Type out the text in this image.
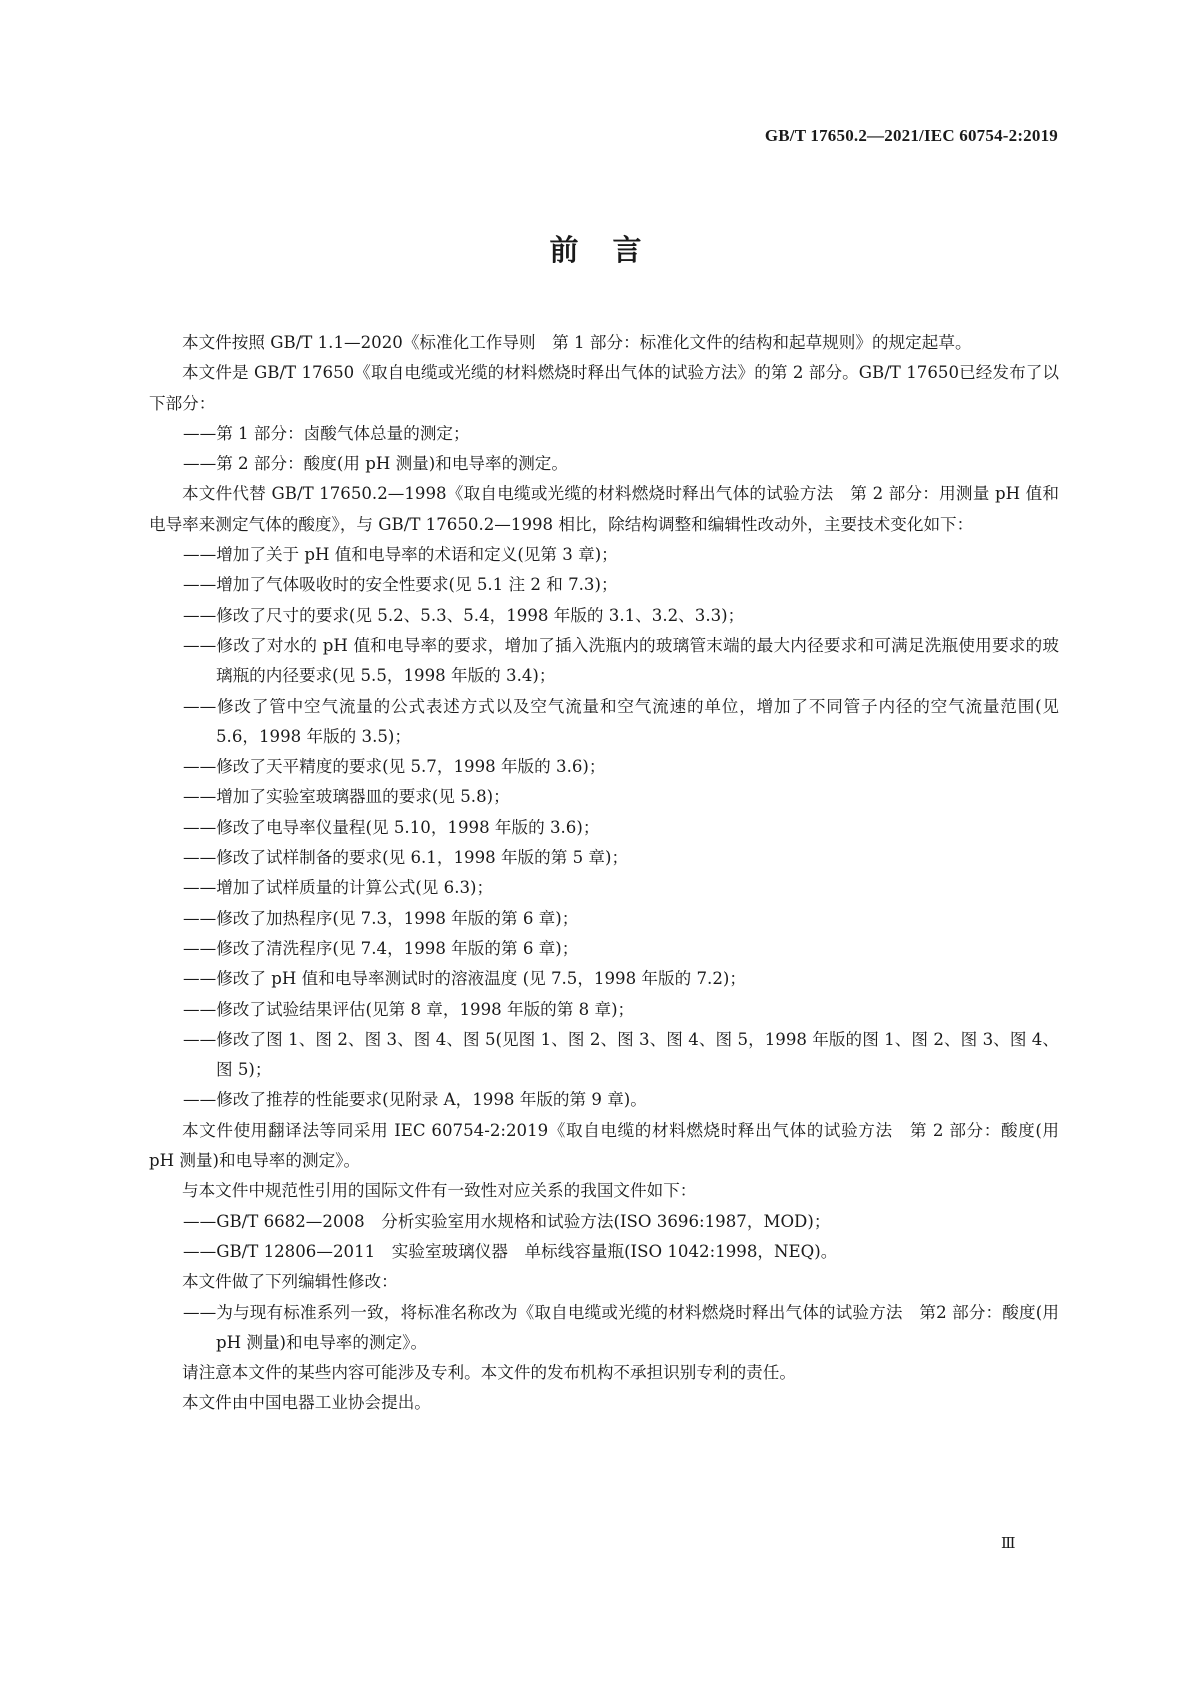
GB/T 17650.2—2021/IEC 60754-2:2019
前言

本文件按照 GB/T 1.1—2020《标准化工作导则　第 1 部分：标准化文件的结构和起草规则》的规定起草。

本文件是 GB/T 17650《取自电缆或光缆的材料燃烧时释出气体的试验方法》的第 2 部分。GB/T 17650已经发布了以下部分：

——第 1 部分：卤酸气体总量的测定；

——第 2 部分：酸度(用 pH 测量)和电导率的测定。

本文件代替 GB/T 17650.2—1998《取自电缆或光缆的材料燃烧时释出气体的试验方法　第 2 部分：用测量 pH 值和电导率来测定气体的酸度》，与 GB/T 17650.2—1998 相比，除结构调整和编辑性改动外，主要技术变化如下：

——增加了关于 pH 值和电导率的术语和定义(见第 3 章)；

——增加了气体吸收时的安全性要求(见 5.1 注 2 和 7.3)；

——修改了尺寸的要求(见 5.2、5.3、5.4，1998 年版的 3.1、3.2、3.3)；

——修改了对水的 pH 值和电导率的要求，增加了插入洗瓶内的玻璃管末端的最大内径要求和可满足洗瓶使用要求的玻璃瓶的内径要求(见 5.5，1998 年版的 3.4)；

——修改了管中空气流量的公式表述方式以及空气流量和空气流速的单位，增加了不同管子内径的空气流量范围(见 5.6，1998 年版的 3.5)；

——修改了天平精度的要求(见 5.7，1998 年版的 3.6)；

——增加了实验室玻璃器皿的要求(见 5.8)；

——修改了电导率仪量程(见 5.10，1998 年版的 3.6)；

——修改了试样制备的要求(见 6.1，1998 年版的第 5 章)；

——增加了试样质量的计算公式(见 6.3)；

——修改了加热程序(见 7.3，1998 年版的第 6 章)；

——修改了清洗程序(见 7.4，1998 年版的第 6 章)；

——修改了 pH 值和电导率测试时的溶液温度 (见 7.5，1998 年版的 7.2)；

——修改了试验结果评估(见第 8 章，1998 年版的第 8 章)；

——修改了图 1、图 2、图 3、图 4、图 5(见图 1、图 2、图 3、图 4、图 5，1998 年版的图 1、图 2、图 3、图 4、图 5)；

——修改了推荐的性能要求(见附录 A，1998 年版的第 9 章)。

本文件使用翻译法等同采用 IEC 60754-2:2019《取自电缆的材料燃烧时释出气体的试验方法　第 2 部分：酸度(用 pH 测量)和电导率的测定》。

与本文件中规范性引用的国际文件有一致性对应关系的我国文件如下：

——GB/T 6682—2008　分析实验室用水规格和试验方法(ISO 3696:1987，MOD)；

——GB/T 12806—2011　实验室玻璃仪器　单标线容量瓶(ISO 1042:1998，NEQ)。

本文件做了下列编辑性修改：

——为与现有标准系列一致，将标准名称改为《取自电缆或光缆的材料燃烧时释出气体的试验方法　第2 部分：酸度(用 pH 测量)和电导率的测定》。

请注意本文件的某些内容可能涉及专利。本文件的发布机构不承担识别专利的责任。

本文件由中国电器工业协会提出。

Ⅲ
